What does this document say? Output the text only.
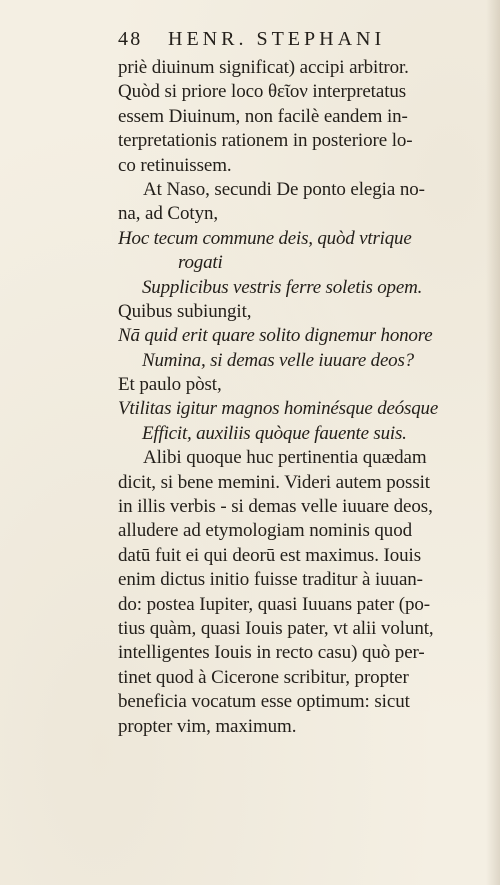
48 HENR. STEPHANI
priè diuinum significat) accipi arbitror.
Quòd si priore loco θεῖον interpretatus
essem Diuinum, non facilè eandem in-
terpretationis rationem in posteriore lo-
co retinuissem.
At Naso, secundi De ponto elegia no-
na, ad Cotyn,
Hoc tecum commune deis, quòd vtrique
rogati
Supplicibus vestris ferre soletis opem.
Quibus subiungit,
Nā quid erit quare solito dignemur honore
Numina, si demas velle iuuare deos?
Et paulo pòst,
Vtilitas igitur magnos hominésque deósque
Efficit, auxiliis quòque fauente suis.
Alibi quoque huc pertinentia quædam
dicit, si bene memini. Videri autem possit
in illis verbis - si demas velle iuuare deos,
alludere ad etymologiam nominis quod
datū fuit ei qui deorū est maximus. Iouis
enim dictus initio fuisse traditur à iuuan-
do: postea Iupiter, quasi Iuuans pater (po-
tius quàm, quasi Iouis pater, vt alii volunt,
intelligentes Iouis in recto casu) quò per-
tinet quod à Cicerone scribitur, propter
beneficia vocatum esse optimum: sicut
propter vim, maximum.
